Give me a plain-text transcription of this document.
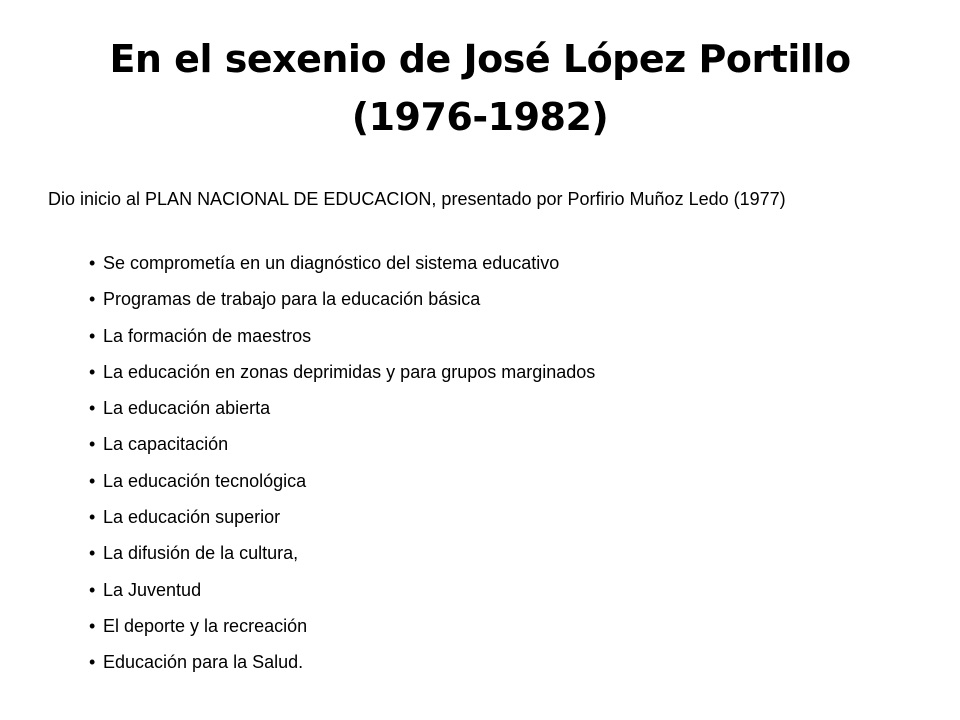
En el sexenio de José López Portillo
(1976-1982)

Dio inicio al PLAN NACIONAL DE EDUCACION, presentado por Porfirio Muñoz Ledo (1977)

• Se comprometía en un diagnóstico del sistema educativo
• Programas de trabajo para la educación básica
• La formación de maestros
• La educación en zonas deprimidas y para grupos marginados
• La educación abierta
• La capacitación
• La educación tecnológica
• La educación superior
• La difusión de la cultura,
• La Juventud
• El deporte y la recreación
• Educación para la Salud.
